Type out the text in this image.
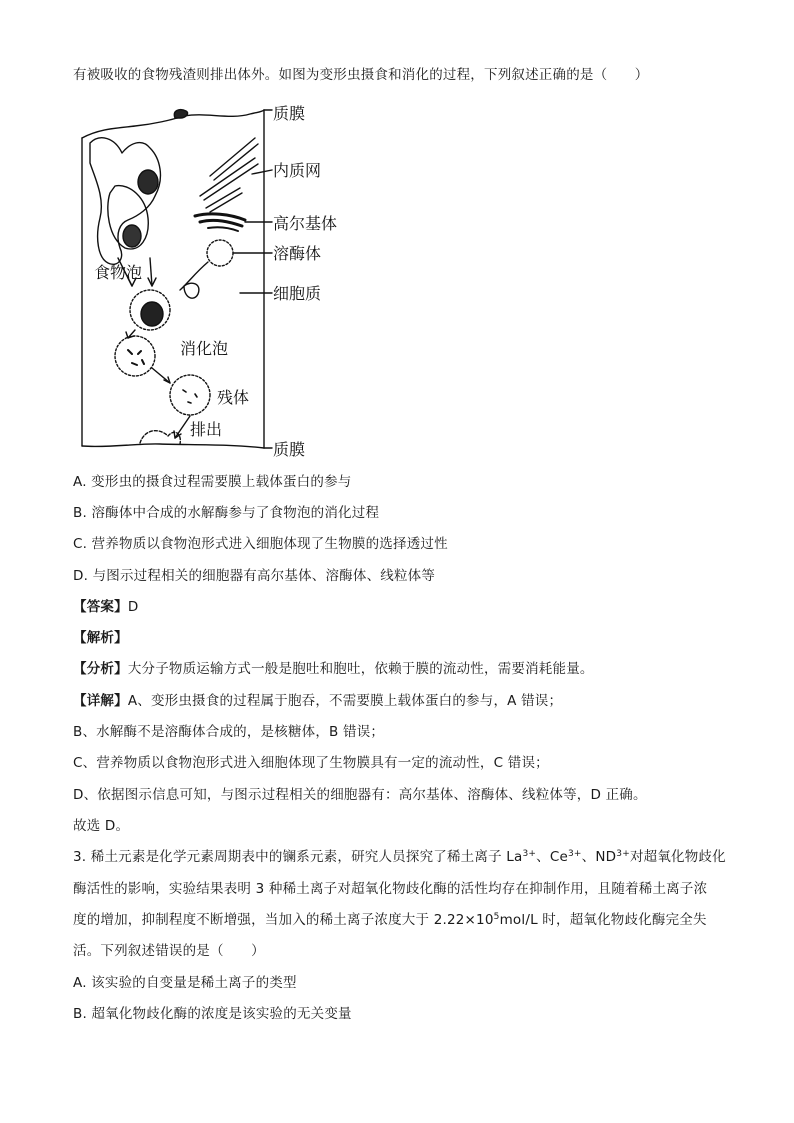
有被吸收的食物残渣则排出体外。如图为变形虫摄食和消化的过程，下列叙述正确的是（　　）
质膜
内质网
高尔基体
溶酶体
食物泡
细胞质
消化泡
残体
排出
质膜
A. 变形虫的摄食过程需要膜上载体蛋白的参与
B. 溶酶体中合成的水解酶参与了食物泡的消化过程
C. 营养物质以食物泡形式进入细胞体现了生物膜的选择透过性
D. 与图示过程相关的细胞器有高尔基体、溶酶体、线粒体等
【答案】D
【解析】
【分析】大分子物质运输方式一般是胞吐和胞吐，依赖于膜的流动性，需要消耗能量。
【详解】A、变形虫摄食的过程属于胞吞，不需要膜上载体蛋白的参与，A 错误；
B、水解酶不是溶酶体合成的，是核糖体，B 错误；
C、营养物质以食物泡形式进入细胞体现了生物膜具有一定的流动性，C 错误；
D、依据图示信息可知，与图示过程相关的细胞器有：高尔基体、溶酶体、线粒体等，D 正确。
故选 D。
3. 稀土元素是化学元素周期表中的镧系元素，研究人员探究了稀土离子 $La^{3+}$、$Ce^{3+}$、$ND^{3+}$对超氧化物歧化
酶活性的影响，实验结果表明 3 种稀土离子对超氧化物歧化酶的活性均存在抑制作用，且随着稀土离子浓
度的增加，抑制程度不断增强，当加入的稀土离子浓度大于 $2.22\times 10^5mol/L$ 时，超氧化物歧化酶完全失
活。下列叙述错误的是（　　）
A. 该实验的自变量是稀土离子的类型
B. 超氧化物歧化酶的浓度是该实验的无关变量
